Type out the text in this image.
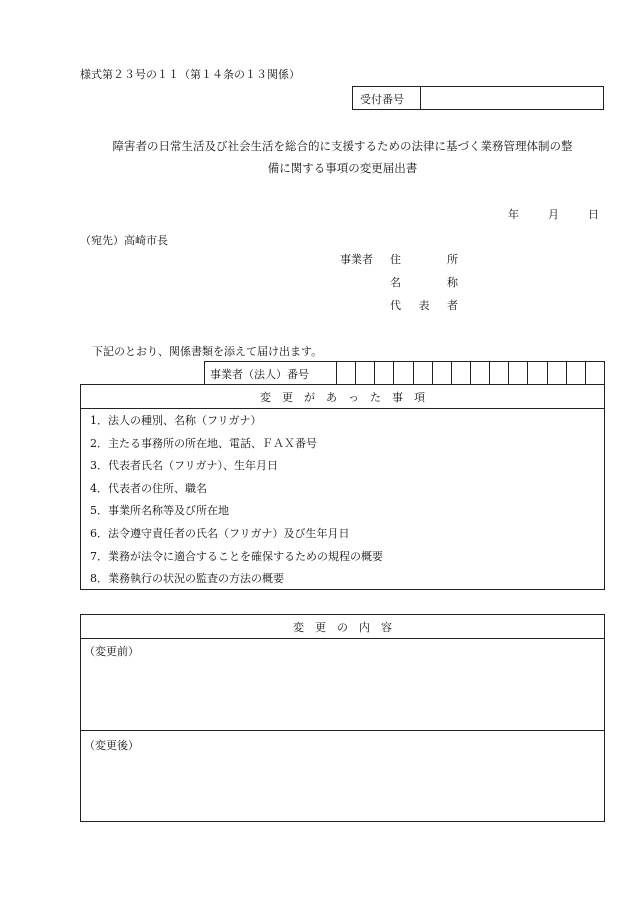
様式第２３号の１１（第１４条の１３関係）
受付番号
障害者の日常生活及び社会生活を総合的に支援するための法律に基づく業務管理体制の整
備に関する事項の変更届出書
年	月	日
（宛先）高崎市長
事業者 住　　所
名　　称
代　表　者
下記のとおり、関係書類を添えて届け出ます。
事業者（法人）番号
変　更　が　あ　っ　た　事　項
1．法人の種別、名称（フリガナ）
2．主たる事務所の所在地、電話、ＦＡＸ番号
3．代表者氏名（フリガナ）、生年月日
4．代表者の住所、職名
5．事業所名称等及び所在地
6．法令遵守責任者の氏名（フリガナ）及び生年月日
7．業務が法令に適合することを確保するための規程の概要
8．業務執行の状況の監査の方法の概要
変　更　の　内　容
（変更前）
（変更後）
